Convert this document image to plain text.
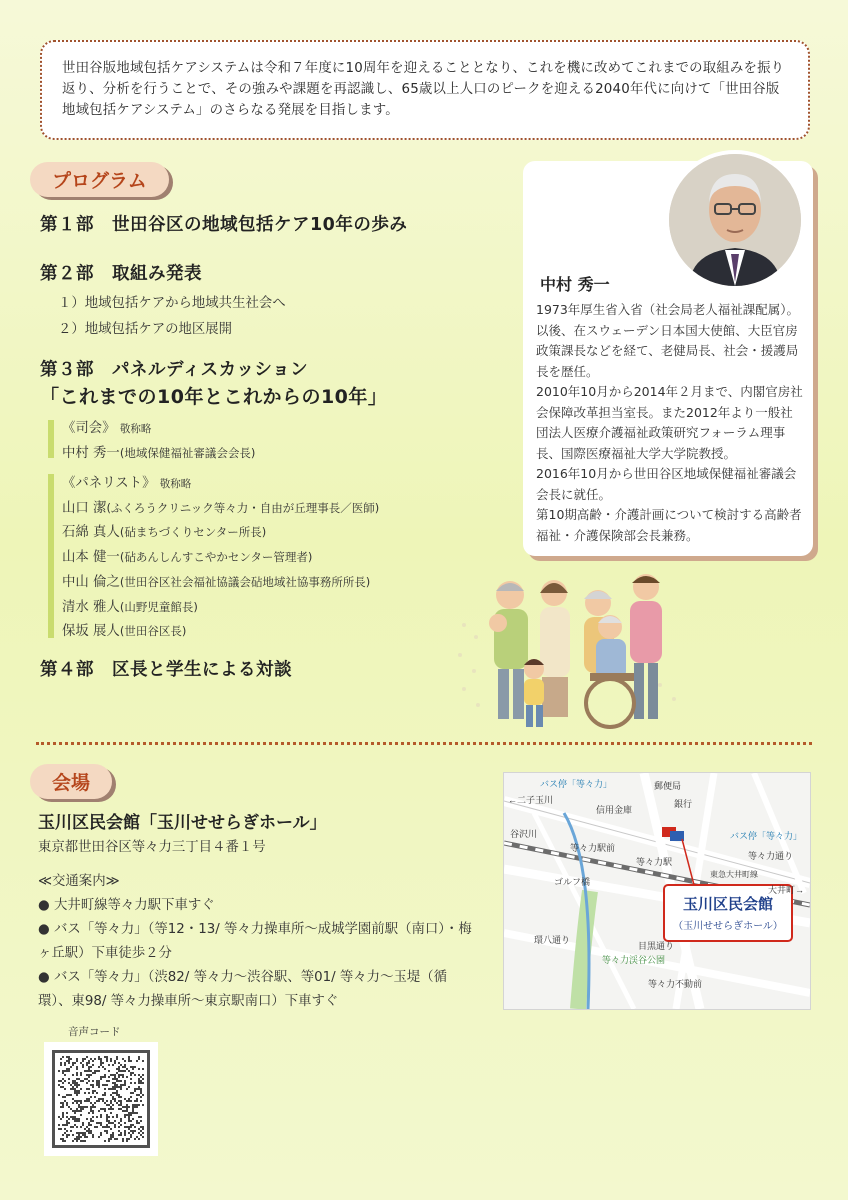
世田谷版地域包括ケアシステムは令和７年度に10周年を迎えることとなり、これを機に改めてこれまでの取組みを振り返り、分析を行うことで、その強みや課題を再認識し、65歳以上人口のピークを迎える2040年代に向けて「世田谷版地域包括ケアシステム」のさらなる発展を目指します。
プログラム
第１部　世田谷区の地域包括ケア10年の歩み
第２部　取組み発表
１）地域包括ケアから地域共生社会へ
２）地域包括ケアの地区展開
第３部　パネルディスカッション
「これまでの10年とこれからの10年」
《司会》 敬称略
中村 秀一(地域保健福祉審議会会長)
《パネリスト》 敬称略
山口 潔(ふくろうクリニック等々力・自由が丘理事長／医師)
石綿 真人(砧まちづくりセンター所長)
山本 健一(砧あんしんすこやかセンター管理者)
中山 倫之(世田谷区社会福祉協議会砧地域社協事務所所長)
清水 雅人(山野児童館長)
保坂 展人(世田谷区長)
第４部　区長と学生による対談
中村 秀一
1973年厚生省入省（社会局老人福祉課配属）。以後、在スウェーデン日本国大使館、大臣官房政策課長などを経て、老健局長、社会・援護局長を歴任。
2010年10月から2014年２月まで、内閣官房社会保障改革担当室長。また2012年より一般社団法人医療介護福祉政策研究フォーラム理事長、国際医療福祉大学大学院教授。
2016年10月から世田谷区地域保健福祉審議会会長に就任。
第10期高齢・介護計画について検討する高齢者福祉・介護保険部会長兼務。
会場
玉川区民会館「玉川せせらぎホール」
東京都世田谷区等々力三丁目４番１号
≪交通案内≫
● 大井町線等々力駅下車すぐ
● バス「等々力」（等12・13/ 等々力操車所～成城学園前駅（南口）・梅ヶ丘駅）下車徒歩２分
● バス「等々力」（渋82/ 等々力～渋谷駅、等01/ 等々力～玉堤（循環）、東98/ 等々力操車所～東京駅南口）下車すぐ
玉川区民会館
（玉川せせらぎホール）
バス停「等々力」
←二子玉川
郵便局
信用金庫
銀行
バス停「等々力」
谷沢川
等々力駅前
等々力駅
等々力通り
東急大井町線
大井町→
ゴルフ橋
等々力渓谷公園
目黒通り
環八通り
等々力不動前
音声コード
